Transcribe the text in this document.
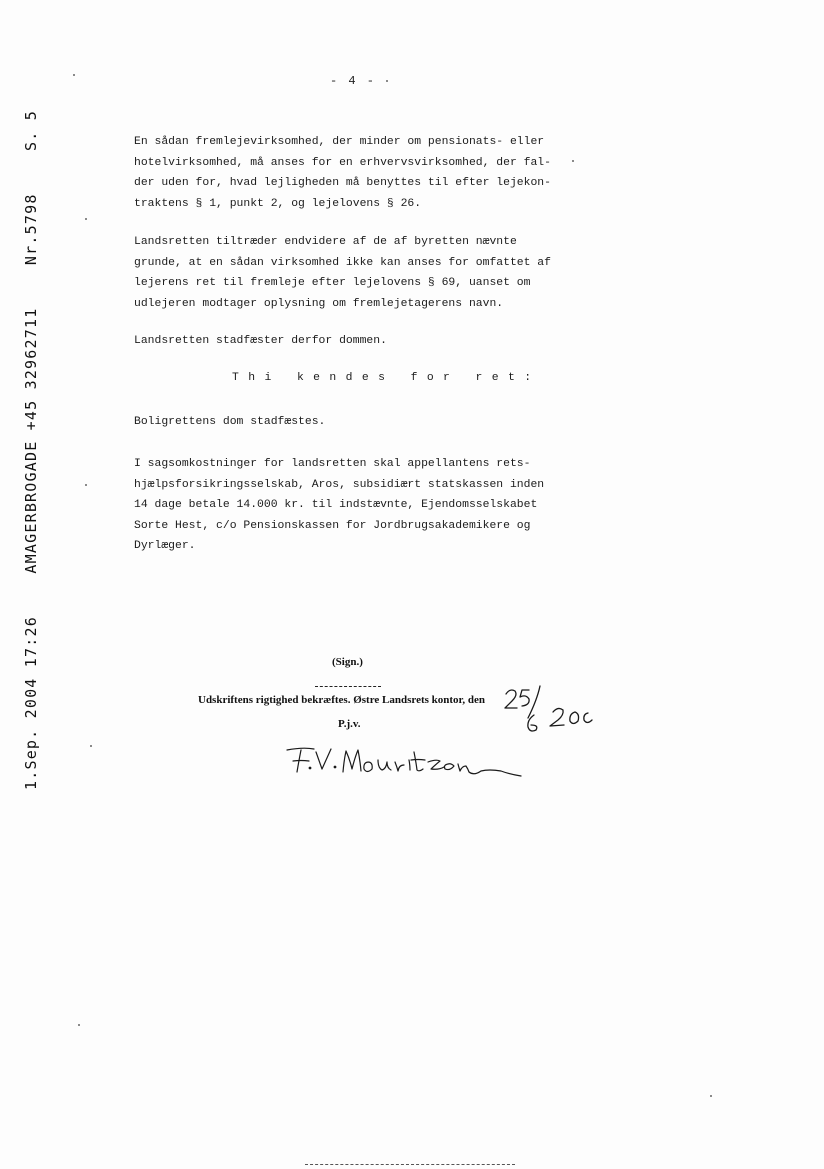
1.Sep. 2004 17:26
AMAGERBROGADE +45 32962711
Nr.5798
S. 5
- 4 -

En sådan fremlejevirksomhed, der minder om pensionats- eller

hotelvirksomhed, må anses for en erhvervsvirksomhed, der fal-

der uden for, hvad lejligheden må benyttes til efter lejekon-

traktens § 1, punkt 2, og lejelovens § 26.

Landsretten tiltræder endvidere af de af byretten nævnte

grunde, at en sådan virksomhed ikke kan anses for omfattet af

lejerens ret til fremleje efter lejelovens § 69, uanset om

udlejeren modtager oplysning om fremlejetagerens navn.

Landsretten stadfæster derfor dommen.

Thi kendes for ret:

Boligrettens dom stadfæstes.

I sagsomkostninger for landsretten skal appellantens rets-

hjælpsforsikringsselskab, Aros, subsidiært statskassen inden

14 dage betale 14.000 kr. til indstævnte, Ejendomsselskabet

Sorte Hest, c/o Pensionskassen for Jordbrugsakademikere og

Dyrlæger.

(Sign.)
Udskriftens rigtighed bekræftes. Østre Landsrets kontor, den
P.j.v.
